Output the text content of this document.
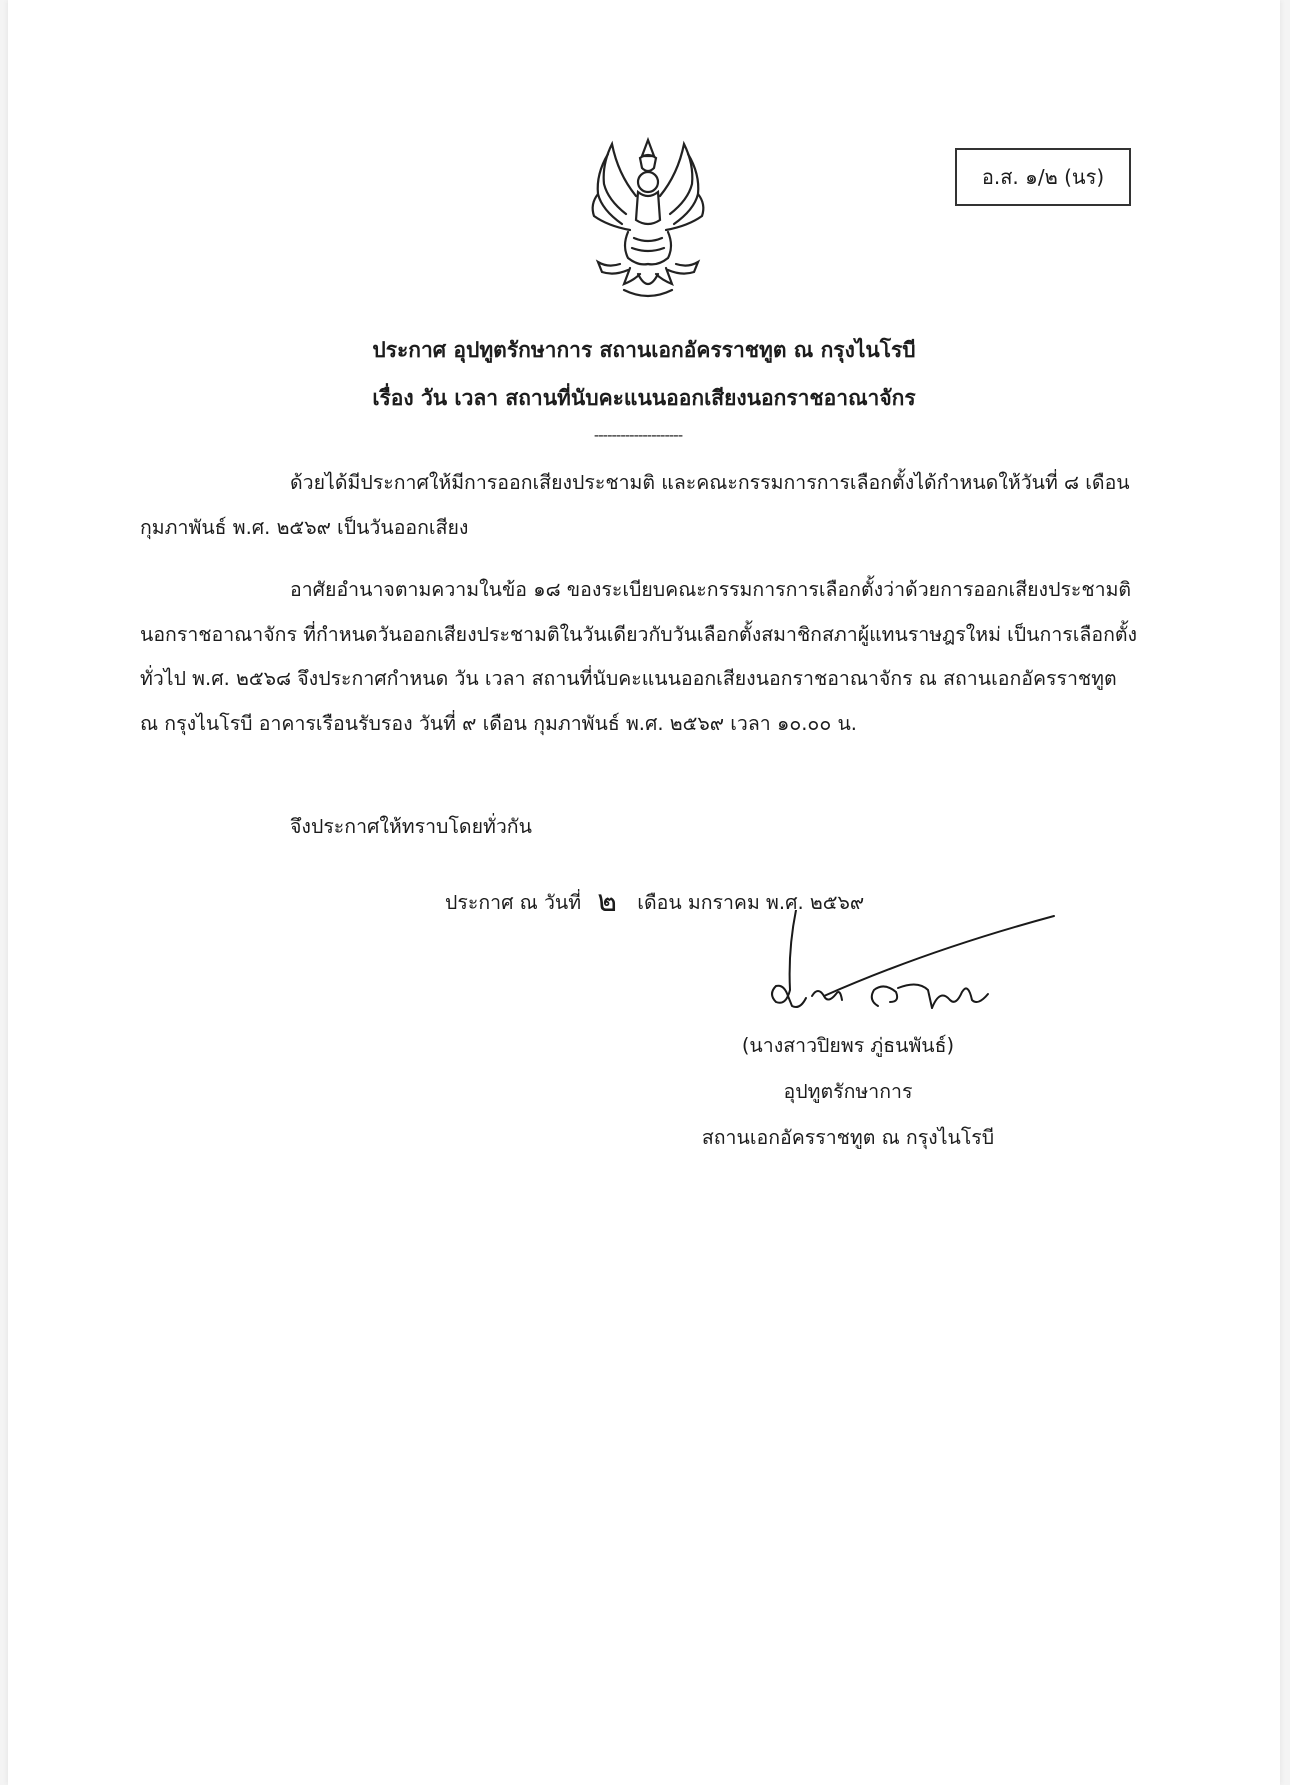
อ.ส. ๑/๒ (นร)
ประกาศ อุปทูตรักษาการ สถานเอกอัครราชทูต ณ กรุงไนโรบี
เรื่อง วัน เวลา สถานที่นับคะแนนออกเสียงนอกราชอาณาจักร
--------------------

ด้วยได้มีประกาศให้มีการออกเสียงประชามติ และคณะกรรมการการเลือกตั้งได้กำหนดให้วันที่ ๘ เดือน กุมภาพันธ์ พ.ศ. ๒๕๖๙ เป็นวันออกเสียง

อาศัยอำนาจตามความในข้อ ๑๘ ของระเบียบคณะกรรมการการเลือกตั้งว่าด้วยการออกเสียงประชามตินอกราชอาณาจักร ที่กำหนดวันออกเสียงประชามติในวันเดียวกับวันเลือกตั้งสมาชิกสภาผู้แทนราษฎรใหม่ เป็นการเลือกตั้งทั่วไป พ.ศ. ๒๕๖๘ จึงประกาศกำหนด วัน เวลา สถานที่นับคะแนนออกเสียงนอกราชอาณาจักร ณ สถานเอกอัครราชทูต ณ กรุงไนโรบี อาคารเรือนรับรอง วันที่ ๙ เดือน กุมภาพันธ์ พ.ศ. ๒๕๖๙ เวลา ๑๐.๐๐ น.

จึงประกาศให้ทราบโดยทั่วกัน
ประกาศ ณ วันที่ ๒ เดือน มกราคม พ.ศ. ๒๕๖๙
(นางสาวปิยพร ภู่ธนพันธ์)
อุปทูตรักษาการ
สถานเอกอัครราชทูต ณ กรุงไนโรบี
